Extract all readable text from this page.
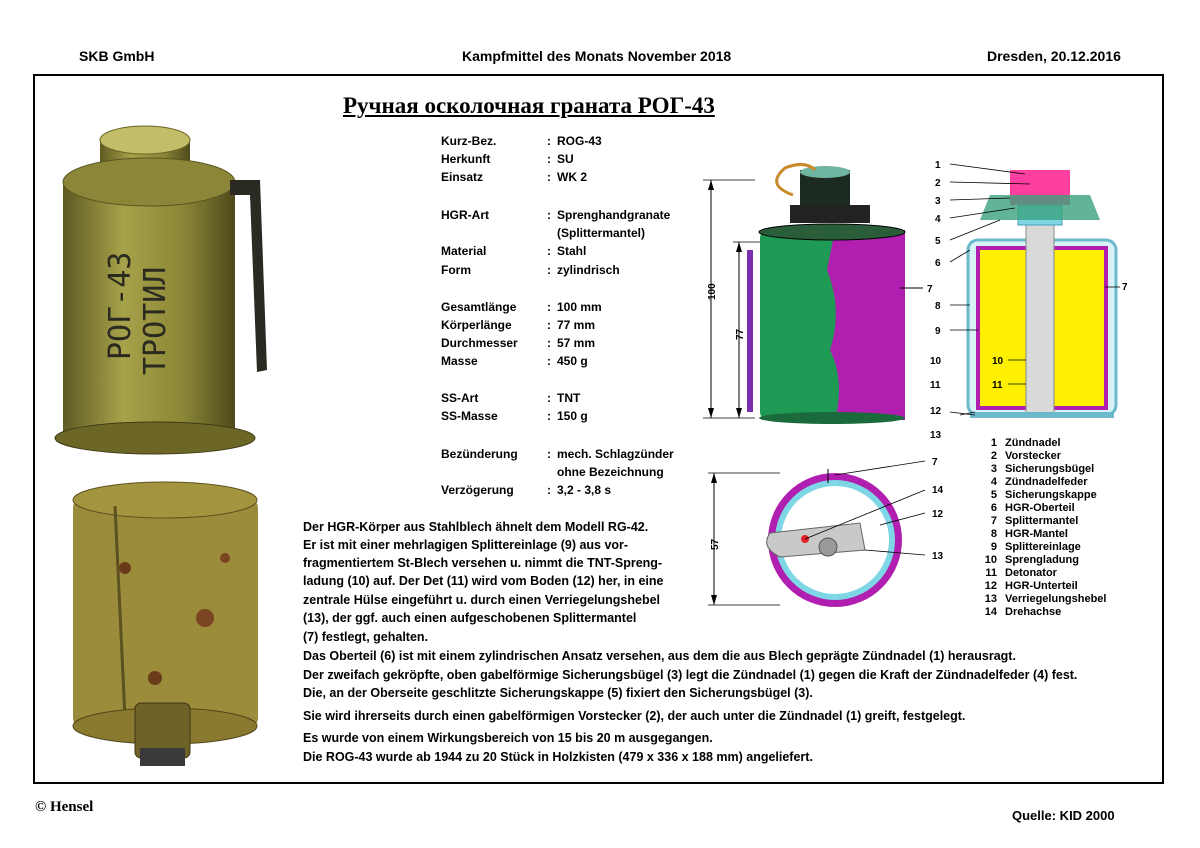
SKB GmbH	Kampfmittel des Monats November 2018	Dresden, 20.12.2016
РОГ-43 ТРОТИЛ
Ручная осколочная граната РОГ-43
Kurz-Bez.	: ROG-43
Herkunft	: SU
Einsatz	: WK 2
HGR-Art	: Sprenghandgranate
(Splittermantel)
Material	: Stahl
Form	: zylindrisch
Gesamtlänge	: 100 mm
Körperlänge	: 77 mm
Durchmesser : 57 mm
Masse	: 450 g
SS-Art	: TNT
SS-Masse	: 150 g
Bezünderung : mech. Schlagzünder
ohne Bezeichnung
Verzögerung	: 3,2 - 3,8 s
100
77
7
1
2
3
4
5
6
7
8
9
10
11
12
13
10
11
57
7
14
12
13
1 Zündnadel
2 Vorstecker
3 Sicherungsbügel
4 Zündnadelfeder
5 Sicherungskappe
6 HGR-Oberteil
7 Splittermantel
8 HGR-Mantel
9 Splittereinlage
10 Sprengladung
11 Detonator
12 HGR-Unterteil
13 Verriegelungshebel
14 Drehachse
Der HGR-Körper aus Stahlblech ähnelt dem Modell RG-42.
Er ist mit einer mehrlagigen Splittereinlage (9) aus vor-
fragmentiertem St-Blech versehen u. nimmt die TNT-Spreng-
ladung (10) auf. Der Det (11) wird vom Boden (12) her, in eine
zentrale Hülse eingeführt u. durch einen Verriegelungshebel
(13), der ggf. auch einen aufgeschobenen Splittermantel
(7) festlegt, gehalten.
Das Oberteil (6) ist mit einem zylindrischen Ansatz versehen, aus dem die aus Blech geprägte Zündnadel (1) herausragt.
Der zweifach gekröpfte, oben gabelförmige Sicherungsbügel (3) legt die Zündnadel (1) gegen die Kraft der Zündnadelfeder (4) fest.
Die, an der Oberseite geschlitzte Sicherungskappe (5) fixiert den Sicherungsbügel (3).
Sie wird ihrerseits durch einen gabelförmigen Vorstecker (2), der auch unter die Zündnadel (1) greift, festgelegt.
Es wurde von einem Wirkungsbereich von 15 bis 20 m ausgegangen.
Die ROG-43 wurde ab 1944 zu 20 Stück in Holzkisten (479 x 336 x 188 mm) angeliefert.
© Hensel
Quelle: KID 2000
